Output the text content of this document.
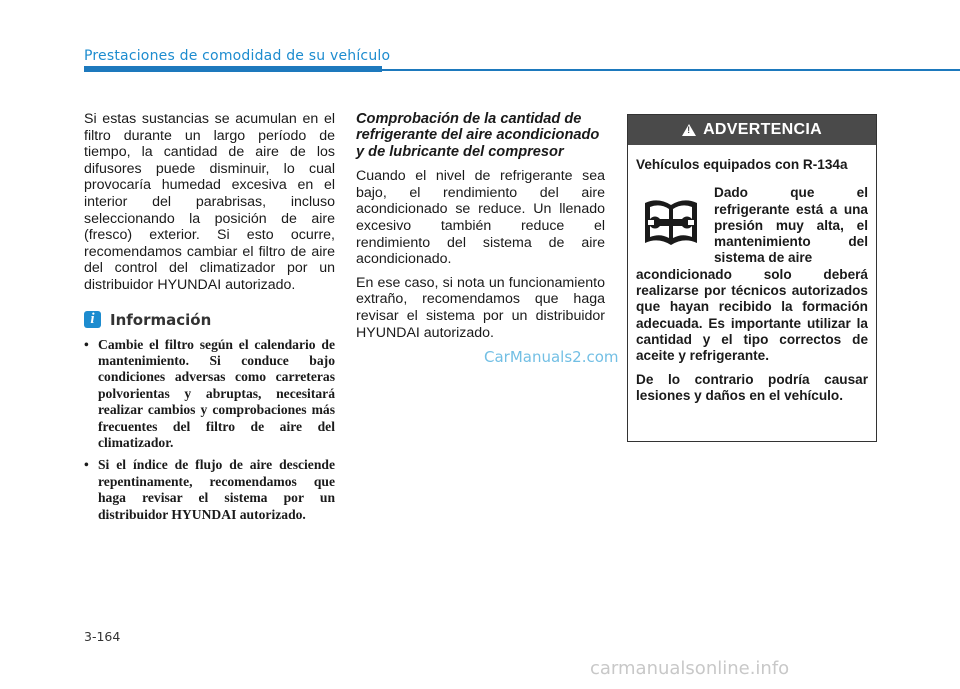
Prestaciones de comodidad de su vehículo

Si estas sustancias se acumulan en el filtro durante un largo período de tiempo, la cantidad de aire de los difusores puede disminuir, lo cual provocaría humedad excesiva en el interior del parabrisas, incluso seleccionando la posición de aire (fresco) exterior. Si esto ocurre, recomendamos cambiar el filtro de aire del control del climatizador por un distribuidor HYUNDAI autorizado.

i	Información
• Cambie el filtro según el calendario de mantenimiento. Si conduce bajo condiciones adversas como carreteras polvorientas y abruptas, necesitará realizar cambios y comprobaciones más frecuentes del filtro de aire del climatizador.
• Si el índice de flujo de aire desciende repentinamente, recomendamos que haga revisar el sistema por un distribuidor HYUNDAI autorizado.

Comprobación de la cantidad de refrigerante del aire acondicionado y de lubricante del compresor

Cuando el nivel de refrigerante sea bajo, el rendimiento del aire acondicionado se reduce. Un llenado excesivo también reduce el rendimiento del sistema de aire acondicionado.

En ese caso, si nota un funcionamiento extraño, recomendamos que haga revisar el sistema por un distribuidor HYUNDAI autorizado.

CarManuals2.com
!
ADVERTENCIA

Vehículos equipados con R-134a

Dado que el refrigerante está a una presión muy alta, el mantenimiento del sistema de aire

acondicionado solo deberá realizarse por técnicos autorizados que hayan recibido la formación adecuada. Es importante utilizar la cantidad y el tipo correctos de aceite y refrigerante.

De lo contrario podría causar lesiones y daños en el vehículo.

3-164
carmanualsonline.info
